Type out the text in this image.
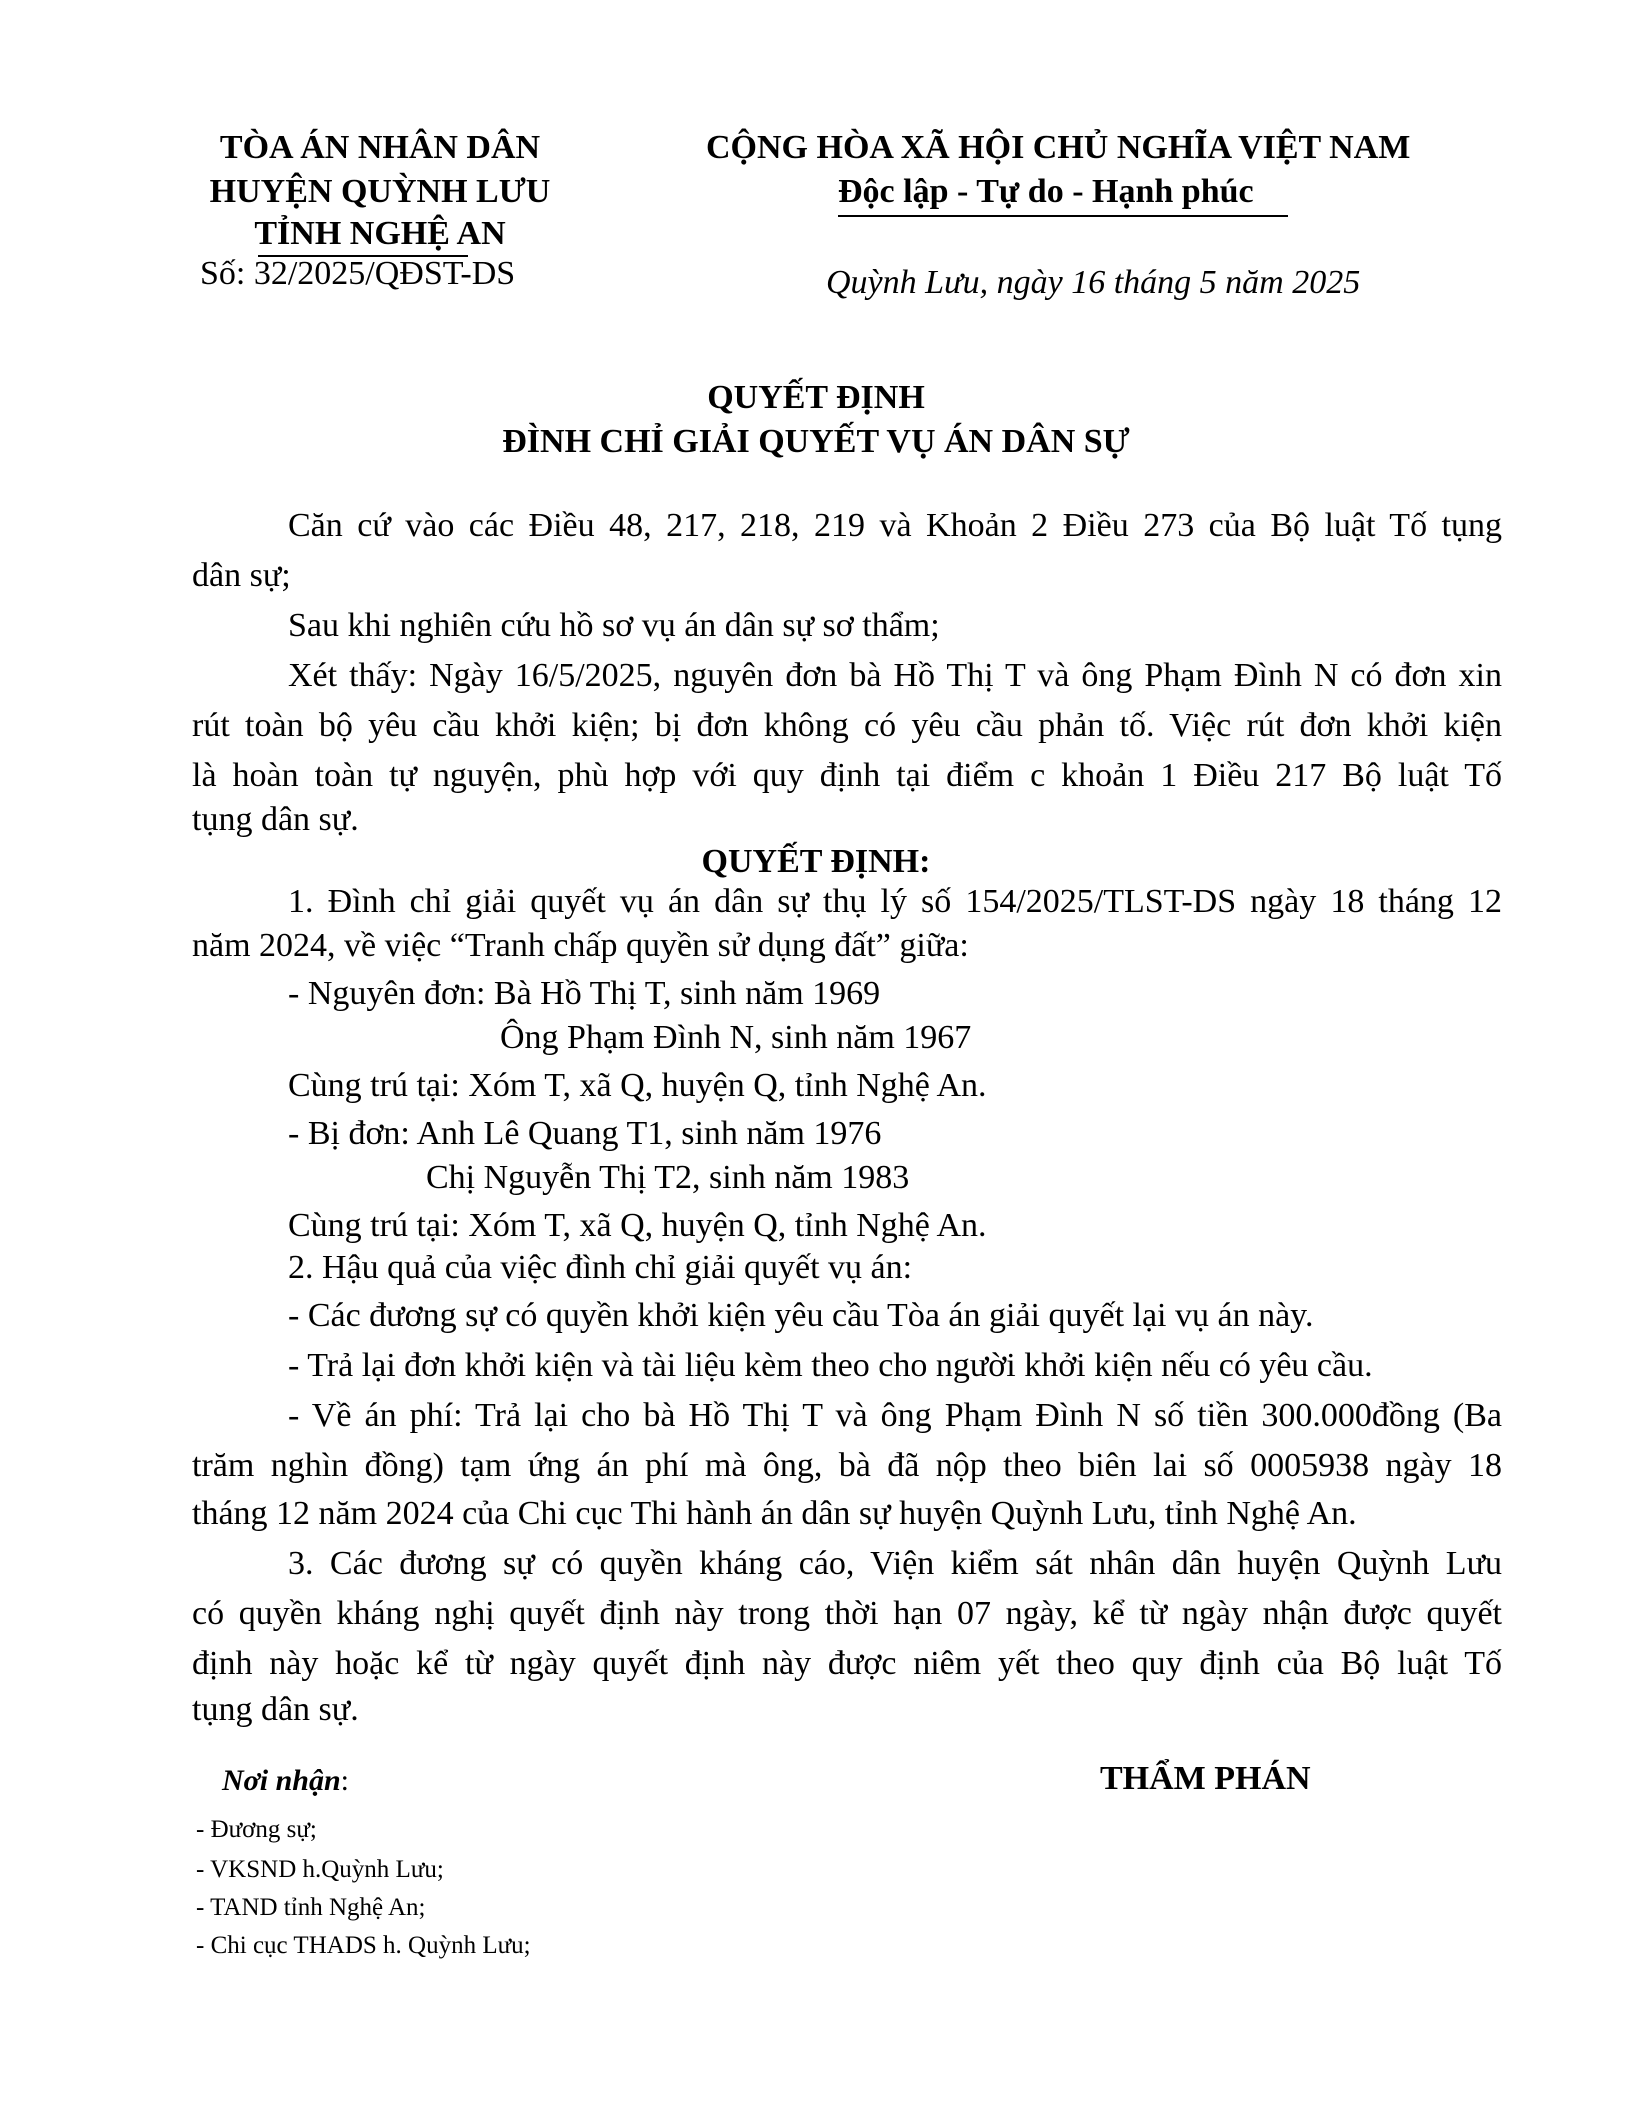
TÒA ÁN NHÂN DÂN
HUYỆN QUỲNH LƯU
TỈNH NGHỆ AN
Số: 32/2025/QĐST-DS
CỘNG HÒA XÃ HỘI CHỦ NGHĨA VIỆT NAM
Độc lập - Tự do - Hạnh phúc
Quỳnh Lưu, ngày 16 tháng 5 năm 2025
QUYẾT ĐỊNH
ĐÌNH CHỈ GIẢI QUYẾT VỤ ÁN DÂN SỰ
Căn cứ vào các Điều 48, 217, 218, 219 và Khoản 2 Điều 273 của Bộ luật Tố tụng
dân sự;
Sau khi nghiên cứu hồ sơ vụ án dân sự sơ thẩm;
Xét thấy: Ngày 16/5/2025, nguyên đơn bà Hồ Thị T và ông Phạm Đình N có đơn xin
rút toàn bộ yêu cầu khởi kiện; bị đơn không có yêu cầu phản tố. Việc rút đơn khởi kiện
là hoàn toàn tự nguyện, phù hợp với quy định tại điểm c khoản 1 Điều 217 Bộ luật Tố
tụng dân sự.
QUYẾT ĐỊNH:
1. Đình chỉ giải quyết vụ án dân sự thụ lý số 154/2025/TLST-DS ngày 18 tháng 12
năm 2024, về việc “Tranh chấp quyền sử dụng đất” giữa:
- Nguyên đơn: Bà Hồ Thị T, sinh năm 1969
Ông Phạm Đình N, sinh năm 1967
Cùng trú tại: Xóm T, xã Q, huyện Q, tỉnh Nghệ An.
- Bị đơn: Anh Lê Quang T1, sinh năm 1976
Chị Nguyễn Thị T2, sinh năm 1983
Cùng trú tại: Xóm T, xã Q, huyện Q, tỉnh Nghệ An.
2. Hậu quả của việc đình chỉ giải quyết vụ án:
- Các đương sự có quyền khởi kiện yêu cầu Tòa án giải quyết lại vụ án này.
- Trả lại đơn khởi kiện và tài liệu kèm theo cho người khởi kiện nếu có yêu cầu.
- Về án phí: Trả lại cho bà Hồ Thị T và ông Phạm Đình N số tiền 300.000đồng (Ba
trăm nghìn đồng) tạm ứng án phí mà ông, bà đã nộp theo biên lai số 0005938 ngày 18
tháng 12 năm 2024 của Chi cục Thi hành án dân sự huyện Quỳnh Lưu, tỉnh Nghệ An.
3. Các đương sự có quyền kháng cáo, Viện kiểm sát nhân dân huyện Quỳnh Lưu
có quyền kháng nghị quyết định này trong thời hạn 07 ngày, kể từ ngày nhận được quyết
định này hoặc kể từ ngày quyết định này được niêm yết theo quy định của Bộ luật Tố
tụng dân sự.
Nơi nhận:
- Đương sự;
- VKSND h.Quỳnh Lưu;
- TAND tỉnh Nghệ An;
- Chi cục THADS h. Quỳnh Lưu;
THẨM PHÁN
